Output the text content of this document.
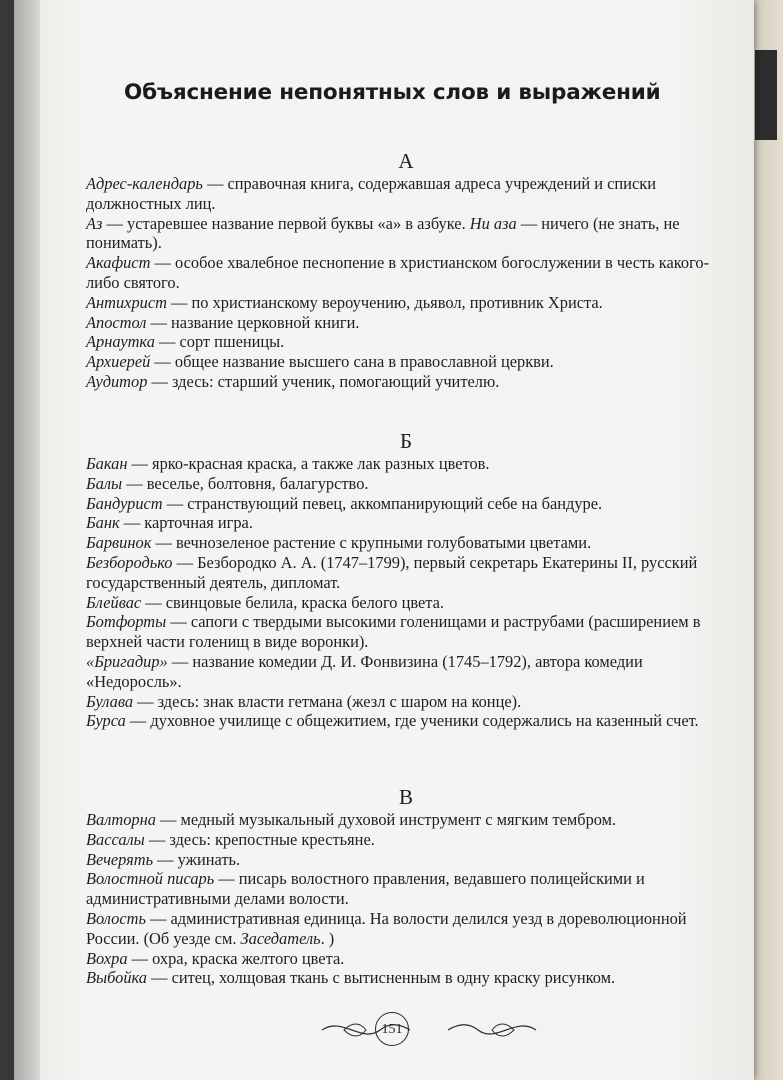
Объяснение непонятных слов и выражений
А

Адрес-календарь — справочная книга, содержавшая адреса учреждений и списки должностных лиц.

Аз — устаревшее название первой буквы «а» в азбуке. Ни аза — ничего (не знать, не понимать).

Акафист — особое хвалебное песнопение в христианском богослужении в честь какого-либо святого.

Антихрист — по христианскому вероучению, дьявол, противник Христа.

Апостол — название церковной книги.

Арнаутка — сорт пшеницы.

Архиерей — общее название высшего сана в православной церкви.

Аудитор — здесь: старший ученик, помогающий учителю.

Б

Бакан — ярко-красная краска, а также лак разных цветов.

Балы — веселье, болтовня, балагурство.

Бандурист — странствующий певец, аккомпанирующий себе на бандуре.

Банк — карточная игра.

Барвинок — вечнозеленое растение с крупными голубоватыми цветами.

Безбородько — Безбородко А. А. (1747–1799), первый секретарь Екатерины II, русский государственный деятель, дипломат.

Блейвас — свинцовые белила, краска белого цвета.

Ботфорты — сапоги с твердыми высокими голенищами и раструбами (расширением в верхней части голенищ в виде воронки).

«Бригадир» — название комедии Д. И. Фонвизина (1745–1792), автора комедии «Недоросль».

Булава — здесь: знак власти гетмана (жезл с шаром на конце).

Бурса — духовное училище с общежитием, где ученики содержались на казенный счет.

В

Валторна — медный музыкальный духовой инструмент с мягким тембром.

Вассалы — здесь: крепостные крестьяне.

Вечерять — ужинать.

Волостной писарь — писарь волостного правления, ведавшего полицейскими и административными делами волости.

Волость — административная единица. На волости делился уезд в дореволюционной России. (Об уезде см. Заседатель. )

Вохра — охра, краска желтого цвета.

Выбойка — ситец, холщовая ткань с вытисненным в одну краску рисунком.

151
